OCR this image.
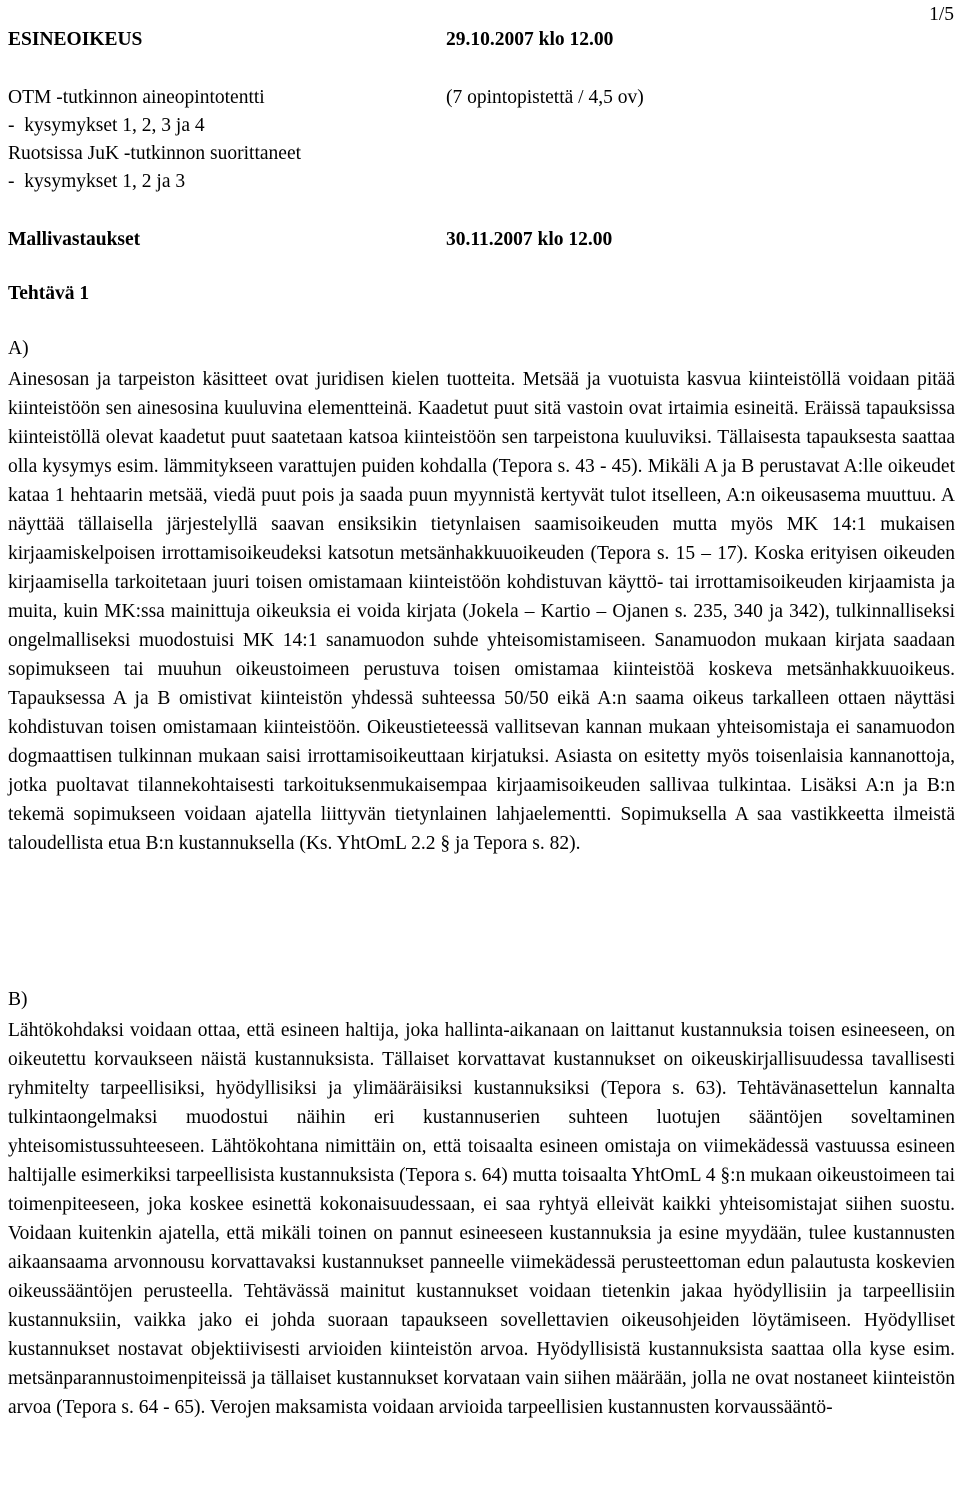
1/5
ESINEOIKEUS	29.10.2007 klo 12.00
OTM -tutkinnon aineopintotentti	(7 opintopistettä / 4,5 ov)
-  kysymykset 1, 2, 3 ja 4
Ruotsissa JuK -tutkinnon suorittaneet
-  kysymykset 1, 2 ja 3
Mallivastaukset	30.11.2007 klo 12.00
Tehtävä 1
A)

Ainesosan ja tarpeiston käsitteet ovat juridisen kielen tuotteita. Metsää ja vuotuista kasvua kiinteistöllä voidaan pitää kiinteistöön sen ainesosina kuuluvina elementteinä. Kaadetut puut sitä vastoin ovat irtaimia esineitä. Eräissä tapauksissa kiinteistöllä olevat kaadetut puut saatetaan katsoa kiinteistöön sen tarpeistona kuuluviksi. Tällaisesta tapauksesta saattaa olla kysymys esim. lämmitykseen varattujen puiden kohdalla (Tepora s. 43 - 45). Mikäli A ja B perustavat A:lle oikeudet kataa 1 hehtaarin metsää, viedä puut pois ja saada puun myynnistä kertyvät tulot itselleen, A:n oikeusasema muuttuu. A näyttää tällaisella järjestelyllä saavan ensiksikin tietynlaisen saamisoikeuden mutta myös MK 14:1 mukaisen kirjaamiskelpoisen irrottamisoikeudeksi katsotun metsänhakkuuoikeuden (Tepora s. 15 – 17). Koska erityisen oikeuden kirjaamisella tarkoitetaan juuri toisen omistamaan kiinteistöön kohdistuvan käyttö- tai irrottamisoikeuden kirjaamista ja muita, kuin MK:ssa mainittuja oikeuksia ei voida kirjata (Jokela – Kartio – Ojanen s. 235, 340 ja 342), tulkinnalliseksi ongelmalliseksi muodostuisi MK 14:1 sanamuodon suhde yhteisomistamiseen. Sanamuodon mukaan kirjata saadaan sopimukseen tai muuhun oikeustoimeen perustuva toisen omistamaa kiinteistöä koskeva metsänhakkuuoikeus. Tapauksessa A ja B omistivat kiinteistön yhdessä suhteessa 50/50 eikä A:n saama oikeus tarkalleen ottaen näyttäsi kohdistuvan toisen omistamaan kiinteistöön. Oikeustieteessä vallitsevan kannan mukaan yhteisomistaja ei sanamuodon dogmaattisen tulkinnan mukaan saisi irrottamisoikeuttaan kirjatuksi. Asiasta on esitetty myös toisenlaisia kannanottoja, jotka puoltavat tilannekohtaisesti tarkoituksenmukaisempaa kirjaamisoikeuden sallivaa tulkintaa. Lisäksi A:n ja B:n tekemä sopimukseen voidaan ajatella liittyvän tietynlainen lahjaelementti. Sopimuksella A saa vastikkeetta ilmeistä taloudellista etua B:n kustannuksella (Ks. YhtOmL 2.2 § ja Tepora s. 82).

B)

Lähtökohdaksi voidaan ottaa, että esineen haltija, joka hallinta-aikanaan on laittanut kustannuksia toisen esineeseen, on oikeutettu korvaukseen näistä kustannuksista. Tällaiset korvattavat kustannukset on oikeuskirjallisuudessa tavallisesti ryhmitelty tarpeellisiksi, hyödyllisiksi ja ylimääräisiksi kustannuksiksi (Tepora s. 63). Tehtävänasettelun kannalta tulkintaongelmaksi muodostui näihin eri kustannuserien suhteen luotujen sääntöjen soveltaminen yhteisomistussuhteeseen. Lähtökohtana nimittäin on, että toisaalta esineen omistaja on viimekädessä vastuussa esineen haltijalle esimerkiksi tarpeellisista kustannuksista (Tepora s. 64) mutta toisaalta YhtOmL 4 §:n mukaan oikeustoimeen tai toimenpiteeseen, joka koskee esinettä kokonaisuudessaan, ei saa ryhtyä elleivät kaikki yhteisomistajat siihen suostu. Voidaan kuitenkin ajatella, että mikäli toinen on pannut esineeseen kustannuksia ja esine myydään, tulee kustannusten aikaansaama arvonnousu korvattavaksi kustannukset panneelle viimekädessä perusteettoman edun palautusta koskevien oikeussääntöjen perusteella. Tehtävässä mainitut kustannukset voidaan tietenkin jakaa hyödyllisiin ja tarpeellisiin kustannuksiin, vaikka jako ei johda suoraan tapaukseen sovellettavien oikeusohjeiden löytämiseen. Hyödylliset kustannukset nostavat objektiivisesti arvioiden kiinteistön arvoa. Hyödyllisistä kustannuksista saattaa olla kyse esim. metsänparannustoimenpiteissä ja tällaiset kustannukset korvataan vain siihen määrään, jolla ne ovat nostaneet kiinteistön arvoa (Tepora s. 64 - 65). Verojen maksamista voidaan arvioida tarpeellisien kustannusten korvaussääntö-
